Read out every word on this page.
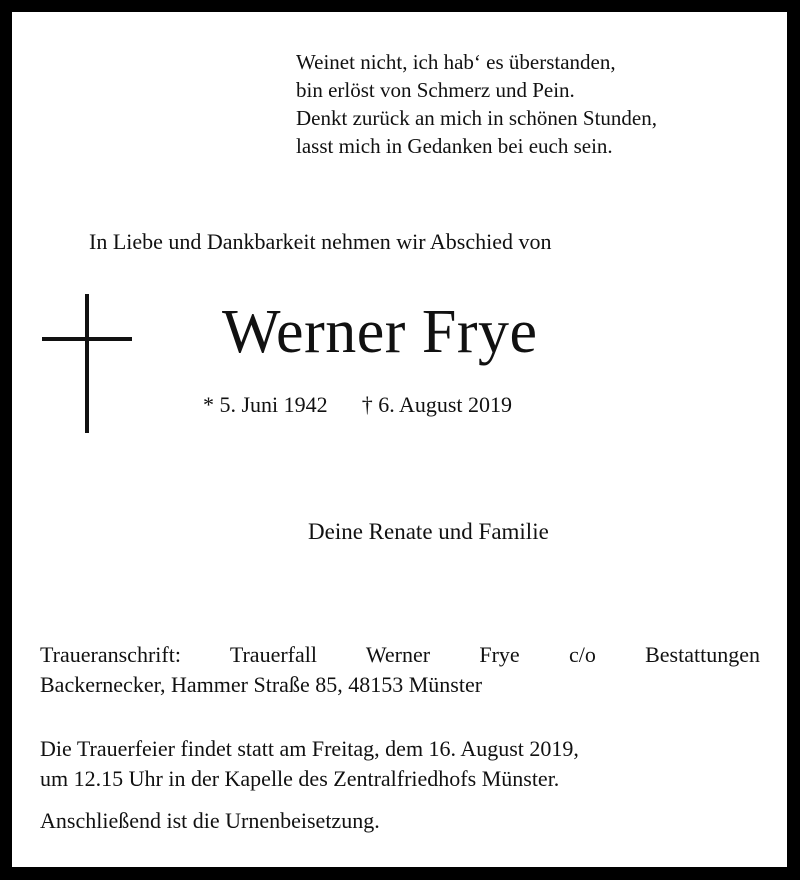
Weinet nicht, ich hab‘ es überstanden,
bin erlöst von Schmerz und Pein.
Denkt zurück an mich in schönen Stunden,
lasst mich in Gedanken bei euch sein.
In Liebe und Dankbarkeit nehmen wir Abschied von
Werner Frye
* 5. Juni 1942 † 6. August 2019
Deine Renate und Familie
Traueranschrift: Trauerfall Werner Frye c/o Bestattungen
Backernecker, Hammer Straße 85, 48153 Münster
Die Trauerfeier findet statt am Freitag, dem 16. August 2019,
um 12.15 Uhr in der Kapelle des Zentralfriedhofs Münster.
Anschließend ist die Urnenbeisetzung.
